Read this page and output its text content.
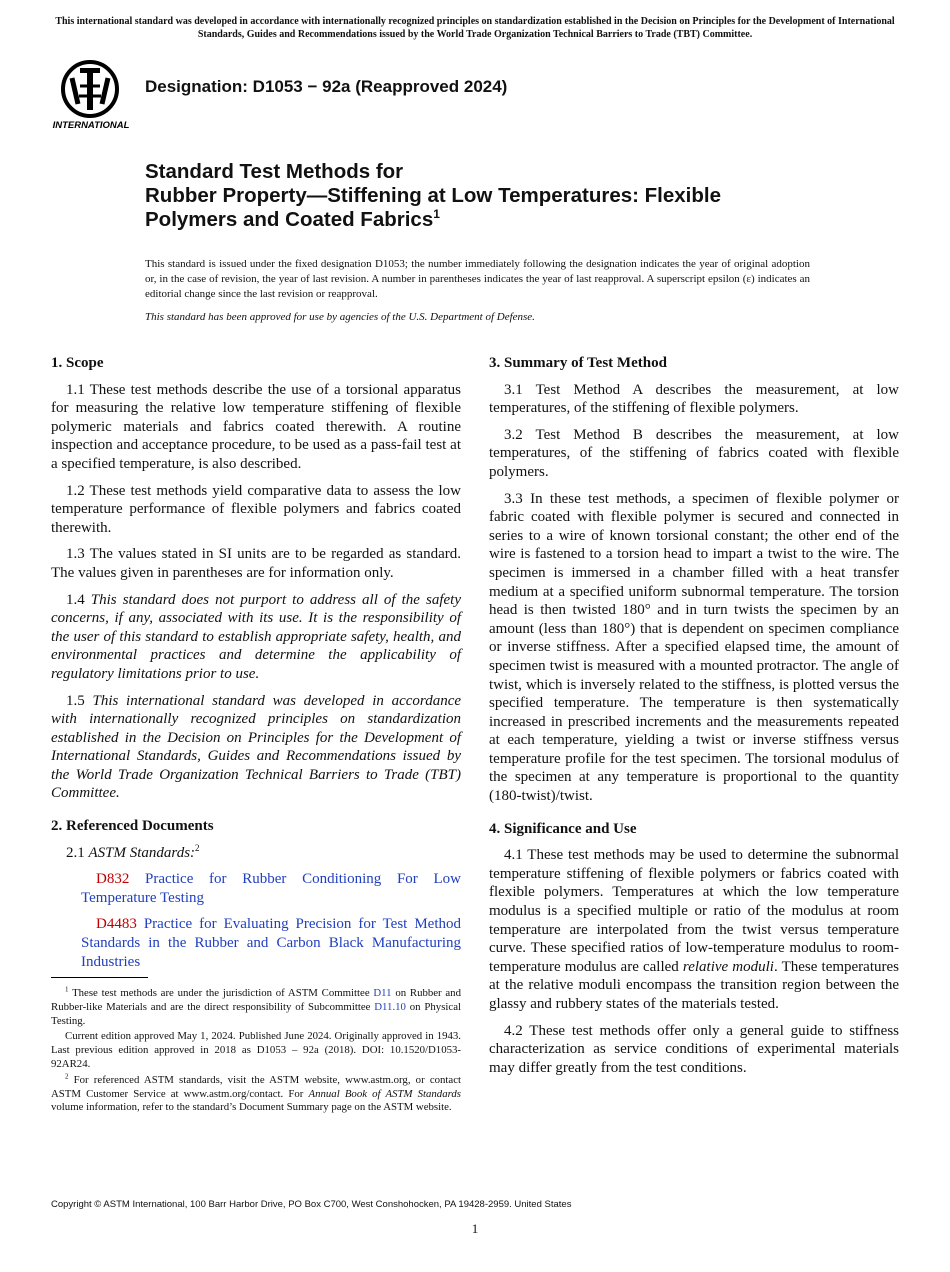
This international standard was developed in accordance with internationally recognized principles on standardization established in the Decision on Principles for the Development of International Standards, Guides and Recommendations issued by the World Trade Organization Technical Barriers to Trade (TBT) Committee.
INTERNATIONAL
Designation: D1053 − 92a (Reapproved 2024)
Standard Test Methods for
Rubber Property—Stiffening at Low Temperatures: Flexible
Polymers and Coated Fabrics$^1$
This standard is issued under the fixed designation D1053; the number immediately following the designation indicates the year of original adoption or, in the case of revision, the year of last revision. A number in parentheses indicates the year of last reapproval. A superscript epsilon (ε) indicates an editorial change since the last revision or reapproval.
This standard has been approved for use by agencies of the U.S. Department of Defense.
1. Scope

1.1 These test methods describe the use of a torsional apparatus for measuring the relative low temperature stiffening of flexible polymeric materials and fabrics coated therewith. A routine inspection and acceptance procedure, to be used as a pass-fail test at a specified temperature, is also described.

1.2 These test methods yield comparative data to assess the low temperature performance of flexible polymers and fabrics coated therewith.

1.3 The values stated in SI units are to be regarded as standard. The values given in parentheses are for information only.

1.4 This standard does not purport to address all of the safety concerns, if any, associated with its use. It is the responsibility of the user of this standard to establish appropriate safety, health, and environmental practices and determine the applicability of regulatory limitations prior to use.

1.5 This international standard was developed in accordance with internationally recognized principles on standardization established in the Decision on Principles for the Development of International Standards, Guides and Recommendations issued by the World Trade Organization Technical Barriers to Trade (TBT) Committee.

2. Referenced Documents

2.1 ASTM Standards:$^2$

D832 Practice for Rubber Conditioning For Low Temperature Testing

D4483 Practice for Evaluating Precision for Test Method Standards in the Rubber and Carbon Black Manufacturing Industries

$^1$ These test methods are under the jurisdiction of ASTM Committee D11 on Rubber and Rubber-like Materials and are the direct responsibility of Subcommittee D11.10 on Physical Testing.

Current edition approved May 1, 2024. Published June 2024. Originally approved in 1943. Last previous edition approved in 2018 as D1053 – 92a (2018). DOI: 10.1520/D1053-92AR24.

$^2$ For referenced ASTM standards, visit the ASTM website, www.astm.org, or contact ASTM Customer Service at www.astm.org/contact. For Annual Book of ASTM Standards volume information, refer to the standard’s Document Summary page on the ASTM website.

3. Summary of Test Method

3.1 Test Method A describes the measurement, at low temperatures, of the stiffening of flexible polymers.

3.2 Test Method B describes the measurement, at low temperatures, of the stiffening of fabrics coated with flexible polymers.

3.3 In these test methods, a specimen of flexible polymer or fabric coated with flexible polymer is secured and connected in series to a wire of known torsional constant; the other end of the wire is fastened to a torsion head to impart a twist to the wire. The specimen is immersed in a chamber filled with a heat transfer medium at a specified uniform subnormal temperature. The torsion head is then twisted 180° and in turn twists the specimen by an amount (less than 180°) that is dependent on specimen compliance or inverse stiffness. After a specified elapsed time, the amount of specimen twist is measured with a mounted protractor. The angle of twist, which is inversely related to the stiffness, is plotted versus the specified temperature. The temperature is then systematically increased in prescribed increments and the measurements repeated at each temperature, yielding a twist or inverse stiffness versus temperature profile for the test specimen. The torsional modulus of the specimen at any temperature is proportional to the quantity (180-twist)/twist.

4. Significance and Use

4.1 These test methods may be used to determine the subnormal temperature stiffening of flexible polymers or fabrics coated with flexible polymers. Temperatures at which the low temperature modulus is a specified multiple or ratio of the modulus at room temperature are interpolated from the twist versus temperature curve. These specified ratios of low-temperature modulus to room-temperature modulus are called relative moduli. These temperatures at the relative moduli encompass the transition region between the glassy and rubbery states of the materials tested.

4.2 These test methods offer only a general guide to stiffness characterization as service conditions of experimental materials may differ greatly from the test conditions.

Copyright © ASTM International, 100 Barr Harbor Drive, PO Box C700, West Conshohocken, PA 19428-2959. United States
1
